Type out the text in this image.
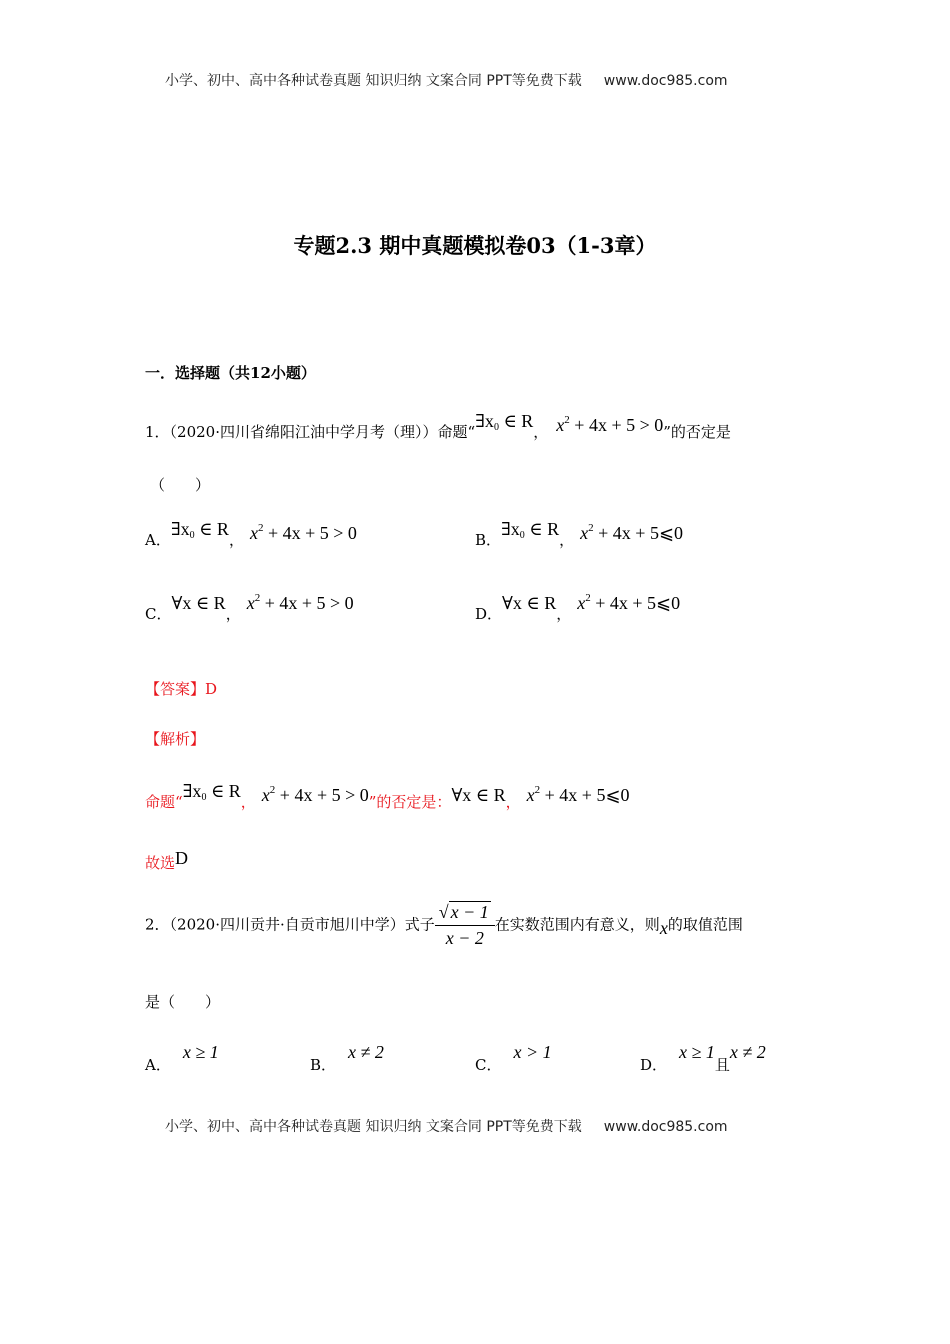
小学、初中、高中各种试卷真题 知识归纳 文案合同 PPT等免费下载 www.doc985.com
专题2.3 期中真题模拟卷03（1-3章）
一．选择题（共12小题）
1．（2020·四川省绵阳江油中学月考（理））命题“$\exists x_0$ ∈ R， $x^2 + 4x + 5 > 0$”的否定是
（　　）
A．$\exists x_0$ ∈ R， $x^2 + 4x + 5 > 0$	B．$\exists x_0$ ∈ R， $x^2 + 4x$ + 5⩽0
C．∀x ∈ R，$x^2 + 4x + 5 > 0$
D．∀x ∈ R，$x^2 + 4x$ + 5⩽0
【答案】D
【解析】
命题“$\exists x_0$ ∈ R， $x^2 + 4x + 5 > 0$”的否定是：∀x ∈ R， $x^2 + 4x$ + 5⩽0
故选D
2．（2020·四川贡井·自贡市旭川中学）式子 $\frac{√ x - 1}{x - 2}$ 在实数范围内有意义，则x的取值范围
是（　　）
A．x ≥ 1
B．x ≠ 2
C．x > 1
D．x ≥ 1且x ≠ 2
小学、初中、高中各种试卷真题 知识归纳 文案合同 PPT等免费下载 www.doc985.com
